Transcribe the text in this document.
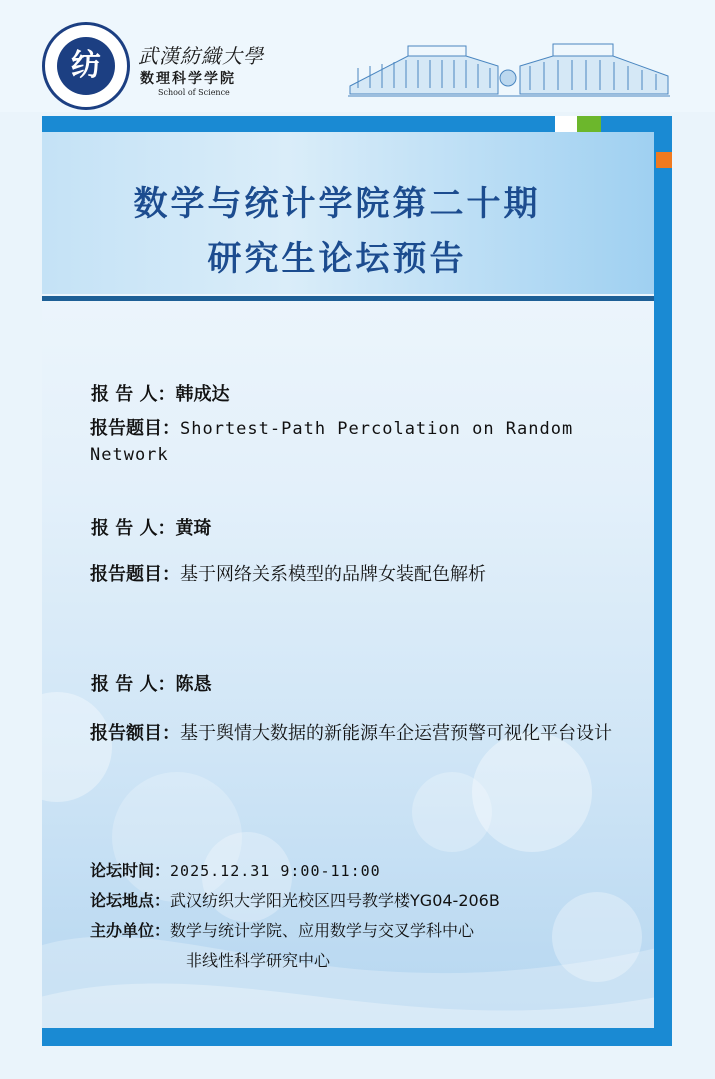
纺	武漢紡織大學
数理科学学院
School of Science
数学与统计学院第二十期
研究生论坛预告
报 告 人：韩成达
报告题目：Shortest-Path Percolation on Random Network
报 告 人：黄琦
报告题目：基于网络关系模型的品牌女装配色解析
报 告 人：陈恳
报告额目：基于舆情大数据的新能源车企运营预警可视化平台设计
论坛时间：2025.12.31 9:00-11:00
论坛地点：武汉纺织大学阳光校区四号教学楼YG04-206B
主办单位：数学与统计学院、应用数学与交叉学科中心
非线性科学研究中心
